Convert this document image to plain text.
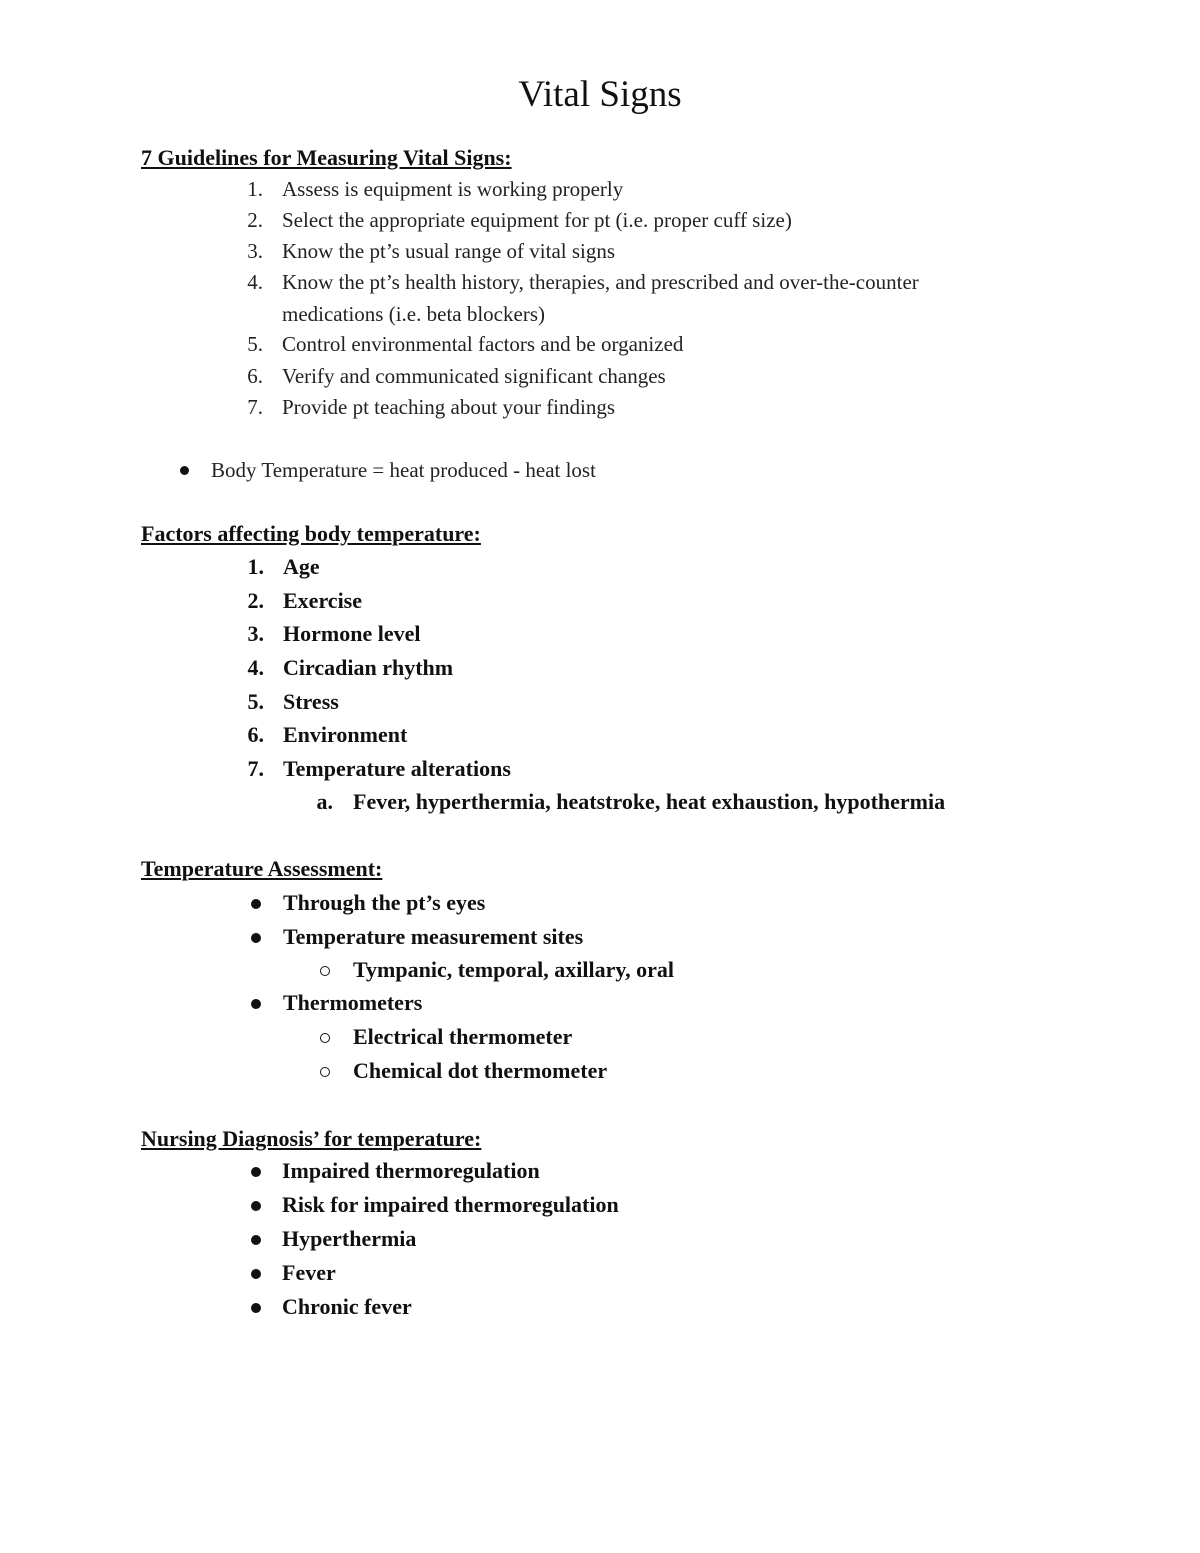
Vital Signs
7 Guidelines for Measuring Vital Signs:
1. Assess is equipment is working properly
2. Select the appropriate equipment for pt (i.e. proper cuff size)
3. Know the pt’s usual range of vital signs
4. Know the pt’s health history, therapies, and prescribed and over-the-counter
medications (i.e. beta blockers)
5. Control environmental factors and be organized
6. Verify and communicated significant changes
7. Provide pt teaching about your findings
Body Temperature = heat produced - heat lost
Factors affecting body temperature:
1. Age
2. Exercise
3. Hormone level
4. Circadian rhythm
5. Stress
6. Environment
7. Temperature alterations
a. Fever, hyperthermia, heatstroke, heat exhaustion, hypothermia
Temperature Assessment:
Through the pt’s eyes
Temperature measurement sites
Tympanic, temporal, axillary, oral
Thermometers
Electrical thermometer
Chemical dot thermometer
Nursing Diagnosis’ for temperature:
Impaired thermoregulation
Risk for impaired thermoregulation
Hyperthermia
Fever
Chronic fever
